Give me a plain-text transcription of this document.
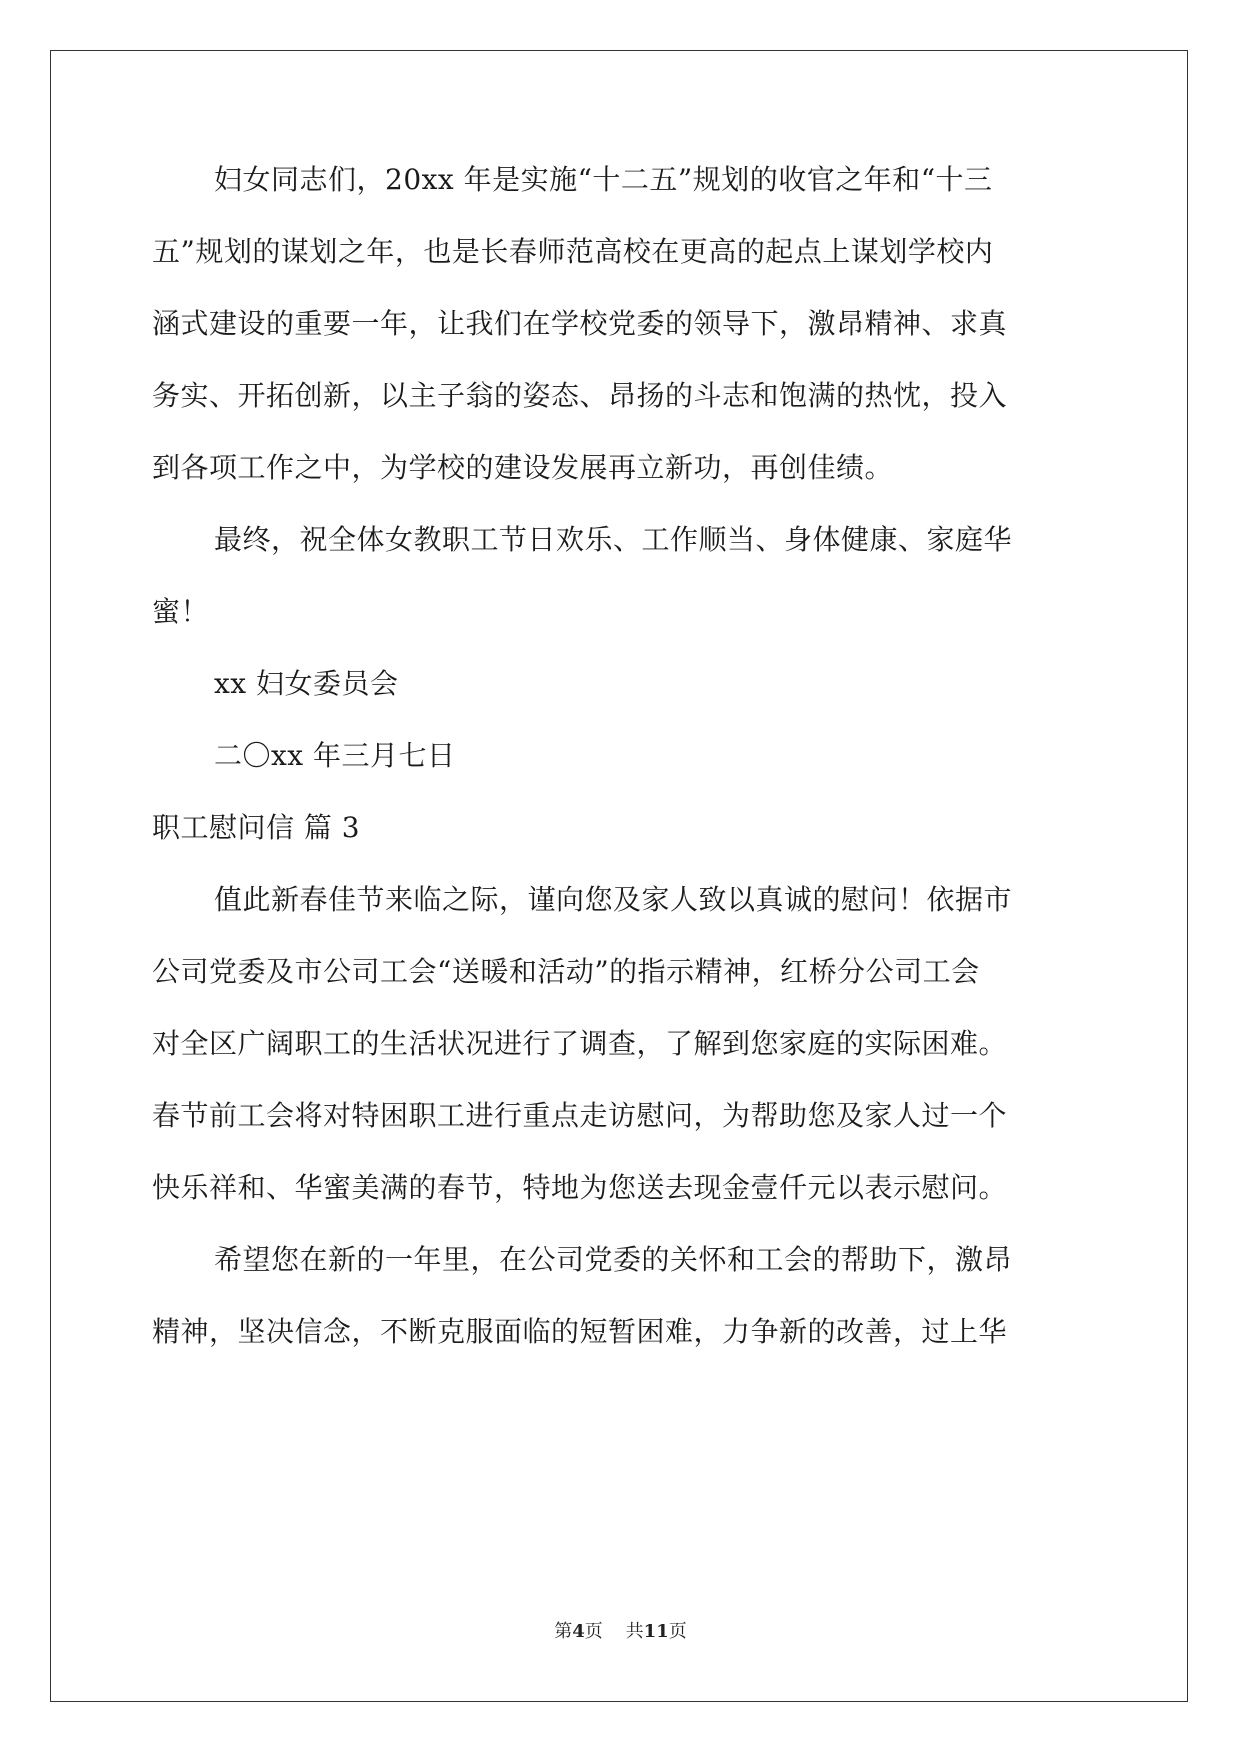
妇女同志们，20xx 年是实施“十二五”规划的收官之年和“十三
五”规划的谋划之年，也是长春师范高校在更高的起点上谋划学校内
涵式建设的重要一年，让我们在学校党委的领导下，激昂精神、求真
务实、开拓创新，以主子翁的姿态、昂扬的斗志和饱满的热忱，投入
到各项工作之中，为学校的建设发展再立新功，再创佳绩。
最终，祝全体女教职工节日欢乐、工作顺当、身体健康、家庭华
蜜！
xx 妇女委员会
二〇xx 年三月七日
职工慰问信 篇 3
值此新春佳节来临之际，谨向您及家人致以真诚的慰问！依据市
公司党委及市公司工会“送暖和活动”的指示精神，红桥分公司工会
对全区广阔职工的生活状况进行了调查，了解到您家庭的实际困难。
春节前工会将对特困职工进行重点走访慰问，为帮助您及家人过一个
快乐祥和、华蜜美满的春节，特地为您送去现金壹仟元以表示慰问。
希望您在新的一年里，在公司党委的关怀和工会的帮助下，激昂
精神，坚决信念，不断克服面临的短暂困难，力争新的改善，过上华
第4页 共11页
